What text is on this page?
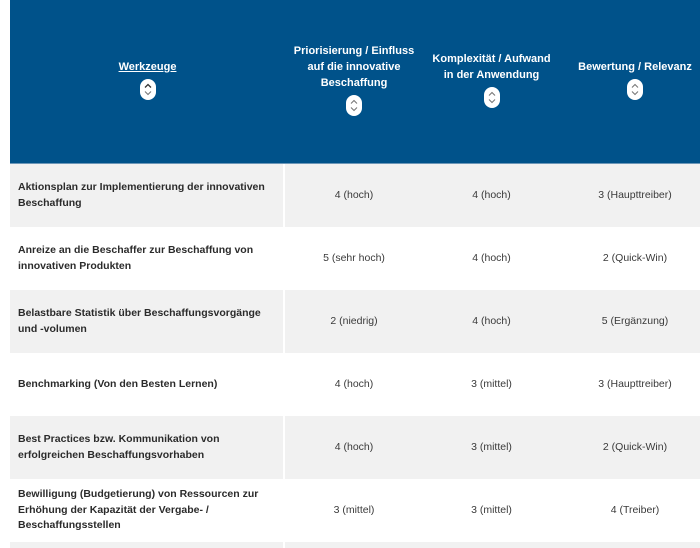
Werkzeuge	Priorisierung / Einfluss auf die innovative Beschaffung	Komplexität / Aufwand in der Anwendung	Bewertung / Relevanz

Aktionsplan zur Implementierung der innovativen Beschaffung	4 (hoch)	4 (hoch)	3 (Haupttreiber)
Anreize an die Beschaffer zur Beschaffung von innovativen Produkten	5 (sehr hoch)	4 (hoch)	2 (Quick-Win)
Belastbare Statistik über Beschaffungsvorgänge und -volumen	2 (niedrig)	4 (hoch)	5 (Ergänzung)
Benchmarking (Von den Besten Lernen)	4 (hoch)	3 (mittel)	3 (Haupttreiber)
Best Practices bzw. Kommunikation von erfolgreichen Beschaffungsvorhaben	4 (hoch)	3 (mittel)	2 (Quick-Win)
Bewilligung (Budgetierung) von Ressourcen zur Erhöhung der Kapazität der Vergabe- / Beschaffungsstellen	3 (mittel)	3 (mittel)	4 (Treiber)
